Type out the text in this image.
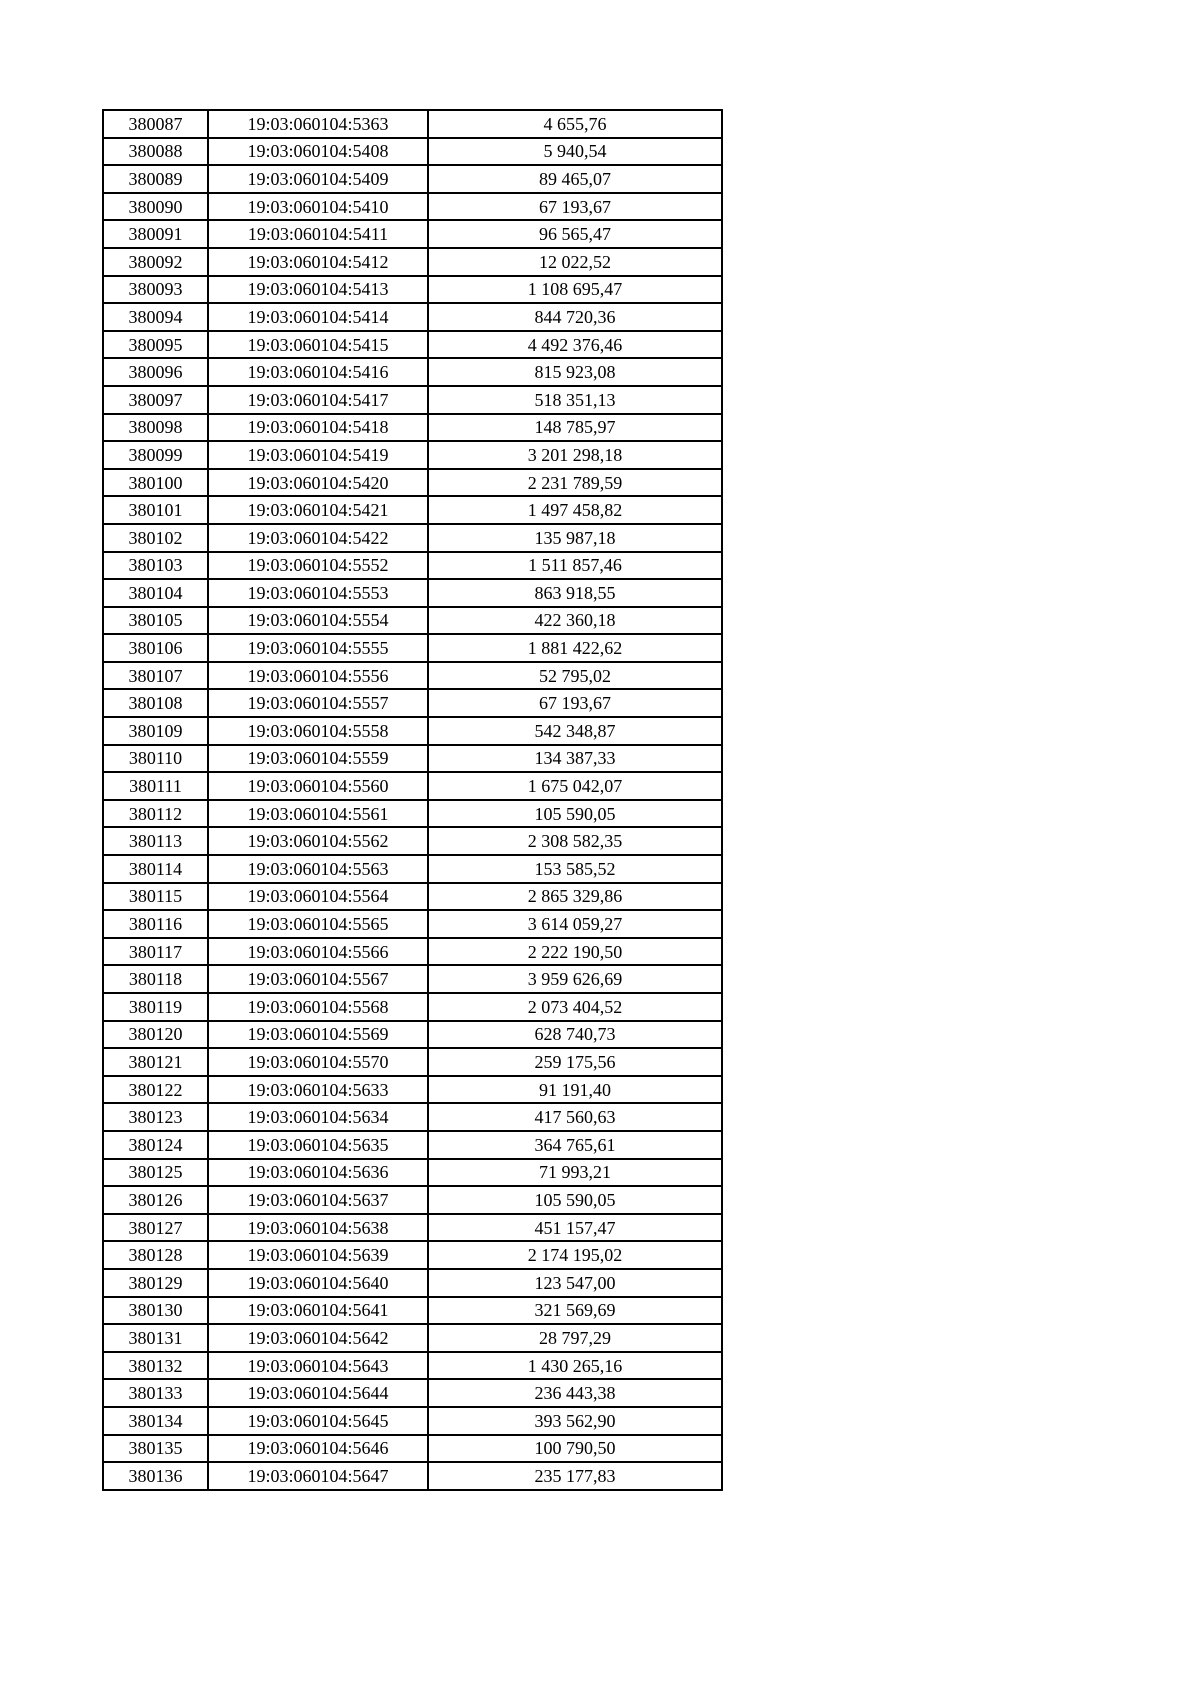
380087	19:03:060104:5363	4 655,76
380088	19:03:060104:5408	5 940,54
380089	19:03:060104:5409	89 465,07
380090	19:03:060104:5410	67 193,67
380091	19:03:060104:5411	96 565,47
380092	19:03:060104:5412	12 022,52
380093	19:03:060104:5413	1 108 695,47
380094	19:03:060104:5414	844 720,36
380095	19:03:060104:5415	4 492 376,46
380096	19:03:060104:5416	815 923,08
380097	19:03:060104:5417	518 351,13
380098	19:03:060104:5418	148 785,97
380099	19:03:060104:5419	3 201 298,18
380100	19:03:060104:5420	2 231 789,59
380101	19:03:060104:5421	1 497 458,82
380102	19:03:060104:5422	135 987,18
380103	19:03:060104:5552	1 511 857,46
380104	19:03:060104:5553	863 918,55
380105	19:03:060104:5554	422 360,18
380106	19:03:060104:5555	1 881 422,62
380107	19:03:060104:5556	52 795,02
380108	19:03:060104:5557	67 193,67
380109	19:03:060104:5558	542 348,87
380110	19:03:060104:5559	134 387,33
380111	19:03:060104:5560	1 675 042,07
380112	19:03:060104:5561	105 590,05
380113	19:03:060104:5562	2 308 582,35
380114	19:03:060104:5563	153 585,52
380115	19:03:060104:5564	2 865 329,86
380116	19:03:060104:5565	3 614 059,27
380117	19:03:060104:5566	2 222 190,50
380118	19:03:060104:5567	3 959 626,69
380119	19:03:060104:5568	2 073 404,52
380120	19:03:060104:5569	628 740,73
380121	19:03:060104:5570	259 175,56
380122	19:03:060104:5633	91 191,40
380123	19:03:060104:5634	417 560,63
380124	19:03:060104:5635	364 765,61
380125	19:03:060104:5636	71 993,21
380126	19:03:060104:5637	105 590,05
380127	19:03:060104:5638	451 157,47
380128	19:03:060104:5639	2 174 195,02
380129	19:03:060104:5640	123 547,00
380130	19:03:060104:5641	321 569,69
380131	19:03:060104:5642	28 797,29
380132	19:03:060104:5643	1 430 265,16
380133	19:03:060104:5644	236 443,38
380134	19:03:060104:5645	393 562,90
380135	19:03:060104:5646	100 790,50
380136	19:03:060104:5647	235 177,83
